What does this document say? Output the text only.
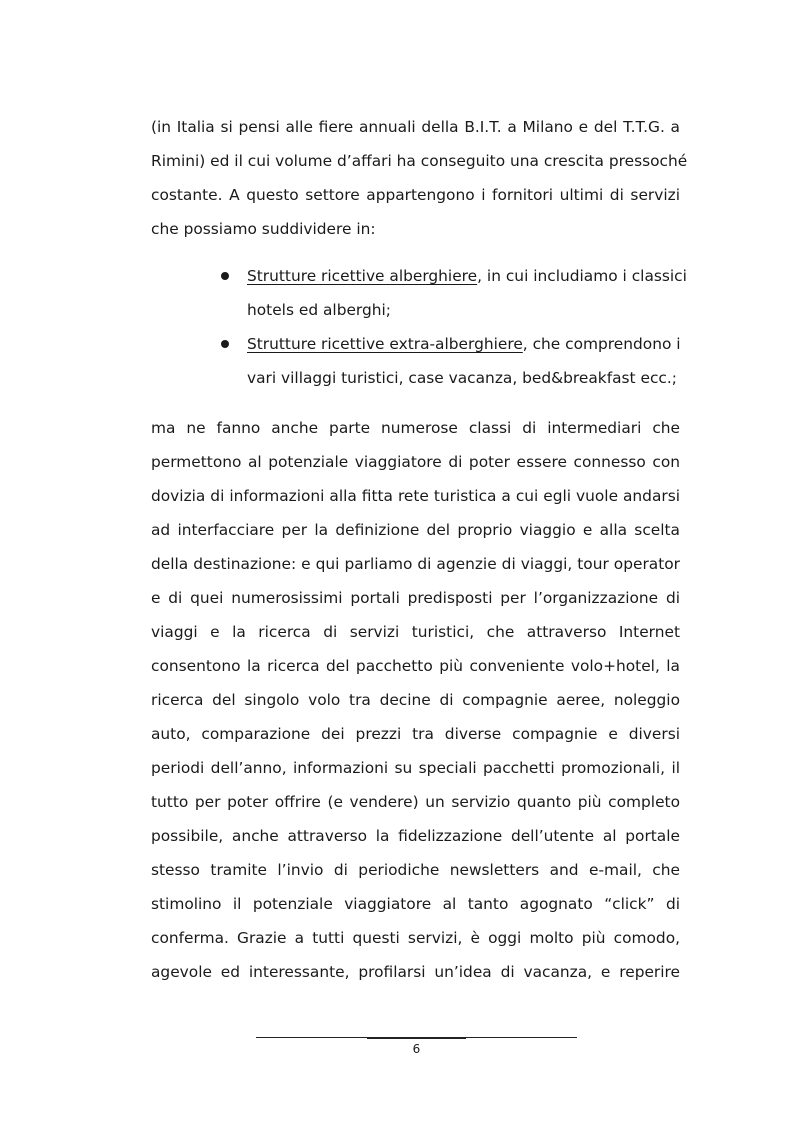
(in Italia si pensi alle fiere annuali della B.I.T. a Milano e del T.T.G. a
Rimini) ed il cui volume d’affari ha conseguito una crescita pressoché
costante. A questo settore appartengono i fornitori ultimi di servizi
che possiamo suddividere in:
Strutture ricettive alberghiere, in cui includiamo i classici
hotels ed alberghi;
Strutture ricettive extra-alberghiere, che comprendono i
vari villaggi turistici, case vacanza, bed&breakfast ecc.;
ma ne fanno anche parte numerose classi di intermediari che
permettono al potenziale viaggiatore di poter essere connesso con
dovizia di informazioni alla fitta rete turistica a cui egli vuole andarsi
ad interfacciare per la definizione del proprio viaggio e alla scelta
della destinazione: e qui parliamo di agenzie di viaggi, tour operator
e di quei numerosissimi portali predisposti per l’organizzazione di
viaggi e la ricerca di servizi turistici, che attraverso Internet
consentono la ricerca del pacchetto più conveniente volo+hotel, la
ricerca del singolo volo tra decine di compagnie aeree, noleggio
auto, comparazione dei prezzi tra diverse compagnie e diversi
periodi dell’anno, informazioni su speciali pacchetti promozionali, il
tutto per poter offrire (e vendere) un servizio quanto più completo
possibile, anche attraverso la fidelizzazione dell’utente al portale
stesso tramite l’invio di periodiche newsletters and e-mail, che
stimolino il potenziale viaggiatore al tanto agognato “click” di
conferma. Grazie a tutti questi servizi, è oggi molto più comodo,
agevole ed interessante, profilarsi un’idea di vacanza, e reperire
6
